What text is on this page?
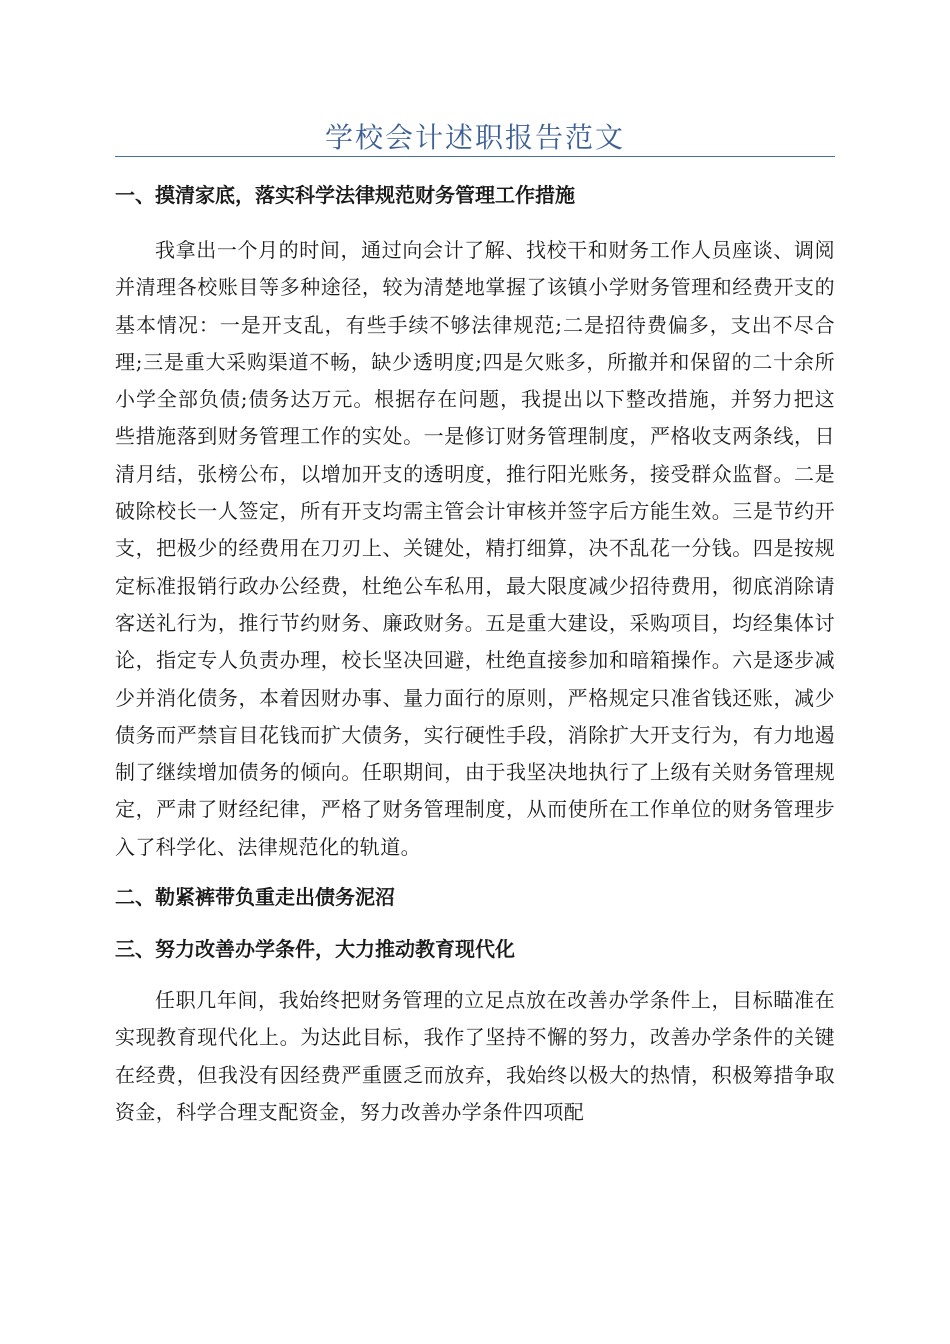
学校会计述职报告范文
一、摸清家底，落实科学法律规范财务管理工作措施

我拿出一个月的时间，通过向会计了解、找校干和财务工作人员座谈、调阅并清理各校账目等多种途径，较为清楚地掌握了该镇小学财务管理和经费开支的基本情况：一是开支乱，有些手续不够法律规范;二是招待费偏多，支出不尽合理;三是重大采购渠道不畅，缺少透明度;四是欠账多，所撤并和保留的二十余所小学全部负债;债务达万元。根据存在问题，我提出以下整改措施，并努力把这些措施落到财务管理工作的实处。一是修订财务管理制度，严格收支两条线，日清月结，张榜公布，以增加开支的透明度，推行阳光账务，接受群众监督。二是破除校长一人签定，所有开支均需主管会计审核并签字后方能生效。三是节约开支，把极少的经费用在刀刃上、关键处，精打细算，决不乱花一分钱。四是按规定标准报销行政办公经费，杜绝公车私用，最大限度减少招待费用，彻底消除请客送礼行为，推行节约财务、廉政财务。五是重大建设，采购项目，均经集体讨论，指定专人负责办理，校长坚决回避，杜绝直接参加和暗箱操作。六是逐步减少并消化债务，本着因财办事、量力面行的原则，严格规定只准省钱还账，减少债务而严禁盲目花钱而扩大债务，实行硬性手段，消除扩大开支行为，有力地遏制了继续增加债务的倾向。任职期间，由于我坚决地执行了上级有关财务管理规定，严肃了财经纪律，严格了财务管理制度，从而使所在工作单位的财务管理步入了科学化、法律规范化的轨道。

二、勒紧裤带负重走出债务泥沼
三、努力改善办学条件，大力推动教育现代化

任职几年间，我始终把财务管理的立足点放在改善办学条件上，目标瞄准在实现教育现代化上。为达此目标，我作了坚持不懈的努力，改善办学条件的关键在经费，但我没有因经费严重匮乏而放弃，我始终以极大的热情，积极筹措争取资金，科学合理支配资金，努力改善办学条件四项配
